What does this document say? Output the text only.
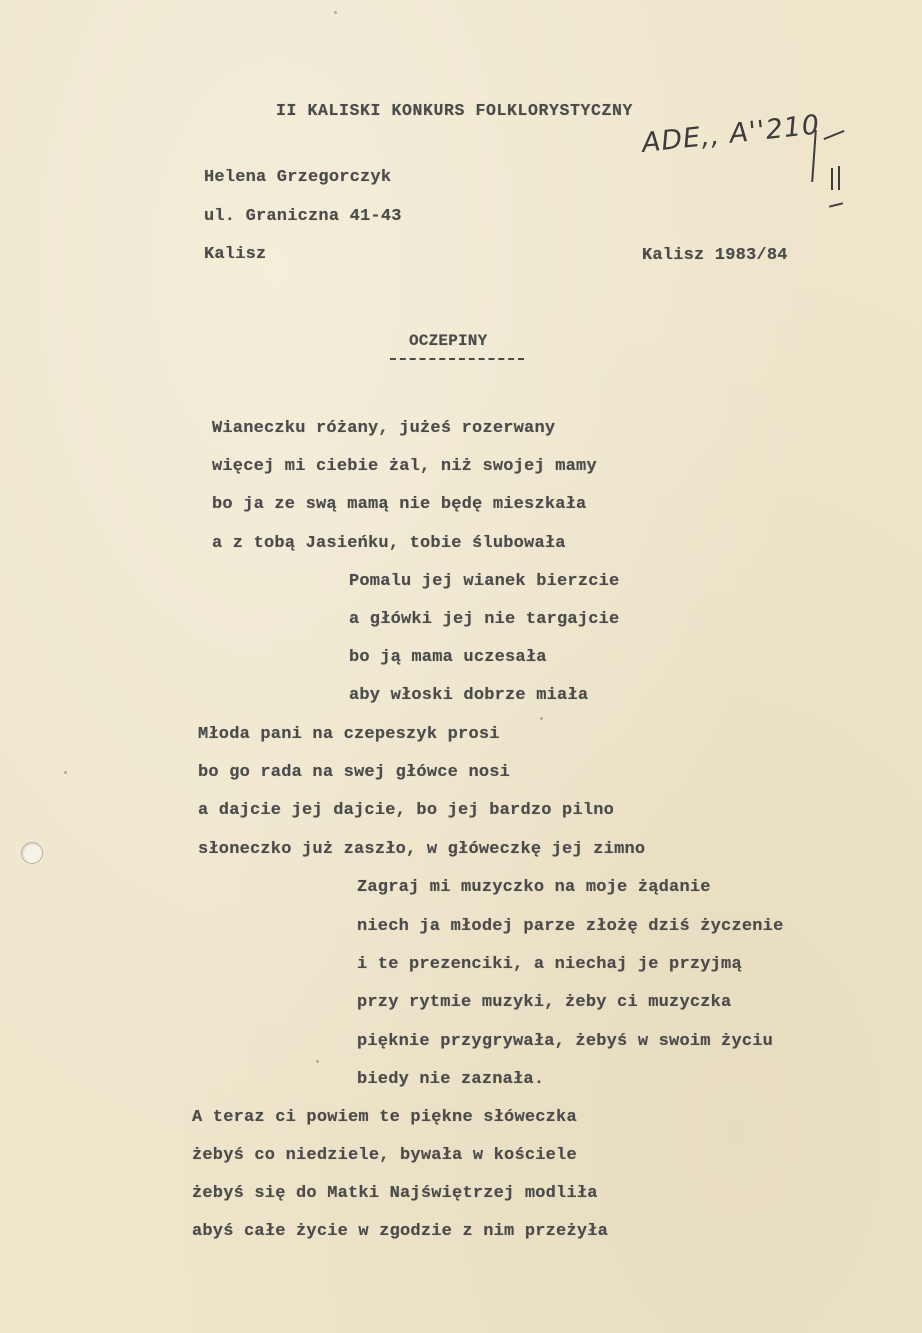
II KALISKI KONKURS FOLKLORYSTYCZNY ADE,, A''210
Helena Grzegorczyk
ul. Graniczna 41-43
Kalisz	Kalisz 1983/84
OCZEPINY
Wianeczku różany, jużeś rozerwany
więcej mi ciebie żal, niż swojej mamy
bo ja ze swą mamą nie będę mieszkała
a z tobą Jasieńku, tobie ślubowała
Pomalu jej wianek bierzcie
a główki jej nie targajcie
bo ją mama uczesała
aby włoski dobrze miała
Młoda pani na czepeszyk prosi
bo go rada na swej główce nosi
a dajcie jej dajcie, bo jej bardzo pilno
słoneczko już zaszło, w główeczkę jej zimno
Zagraj mi muzyczko na moje żądanie
niech ja młodej parze złożę dziś życzenie
i te prezenciki, a niechaj je przyjmą
przy rytmie muzyki, żeby ci muzyczka
pięknie przygrywała, żebyś w swoim życiu
biedy nie zaznała.
A teraz ci powiem te piękne słóweczka
żebyś co niedziele, bywała w kościele
żebyś się do Matki Najświętrzej modliła
abyś całe życie w zgodzie z nim przeżyła
